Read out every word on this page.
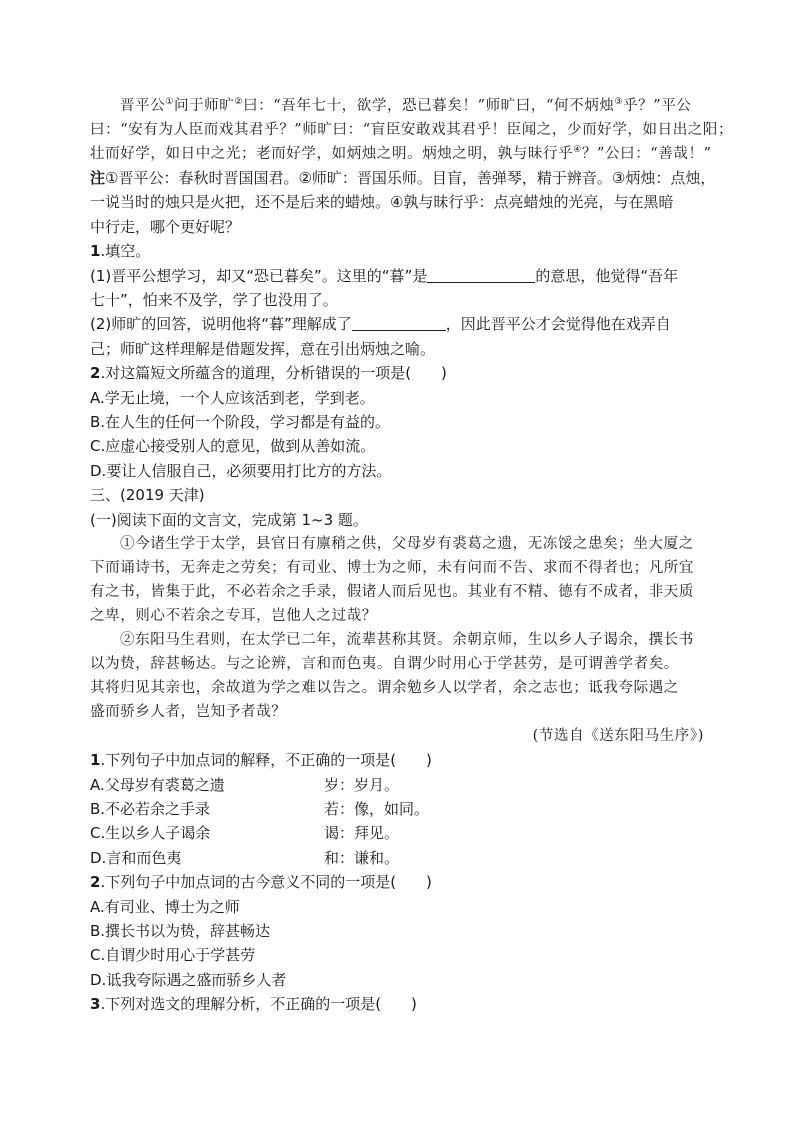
晋平公①问于师旷②曰：“吾年七十，欲学，恐已暮矣！”师旷曰，“何不炳烛③乎？”平公
曰：“安有为人臣而戏其君乎？”师旷曰：“盲臣安敢戏其君乎！臣闻之，少而好学，如日出之阳；
壮而好学，如日中之光；老而好学，如炳烛之明。炳烛之明，孰与昧行乎④？”公曰：“善哉！”
注①晋平公：春秋时晋国国君。②师旷：晋国乐师。目盲，善弹琴，精于辨音。③炳烛：点烛，
一说当时的烛只是火把，还不是后来的蜡烛。④孰与昧行乎：点亮蜡烛的光亮，与在黑暗
中行走，哪个更好呢？
1.填空。
(1)晋平公想学习，却又“恐已暮矣”。这里的“暮”是	的意思，他觉得“吾年
七十”，怕来不及学，学了也没用了。
(2)师旷的回答，说明他将“暮”理解成了	，因此晋平公才会觉得他在戏弄自
己；师旷这样理解是借题发挥，意在引出炳烛之喻。
2.对这篇短文所蕴含的道理，分析错误的一项是(　　)
A.学无止境，一个人应该活到老，学到老。
B.在人生的任何一个阶段，学习都是有益的。
C.应虚心接受别人的意见，做到从善如流。
D.要让人信服自己，必须要用打比方的方法。
三、(2019 天津)
(一)阅读下面的文言文，完成第 1~3 题。
①今诸生学于太学，县官日有廪稍之供，父母岁有裘葛之遗，无冻馁之患矣；坐大厦之
下而诵诗书，无奔走之劳矣；有司业、博士为之师，未有问而不告、求而不得者也；凡所宜
有之书，皆集于此，不必若余之手录，假诸人而后见也。其业有不精、德有不成者，非天质
之卑，则心不若余之专耳，岂他人之过哉？
②东阳马生君则，在太学已二年，流辈甚称其贤。余朝京师，生以乡人子谒余，撰长书
以为贽，辞甚畅达。与之论辨，言和而色夷。自谓少时用心于学甚劳，是可谓善学者矣。
其将归见其亲也，余故道为学之难以告之。谓余勉乡人以学者，余之志也；诋我夸际遇之
盛而骄乡人者，岂知予者哉？
(节选自《送东阳马生序》)
1.下列句子中加点词的解释，不正确的一项是(　　)
A.父母岁有裘葛之遗	岁：岁月。
B.不必若余之手录	若：像，如同。
C.生以乡人子谒余	谒：拜见。
D.言和而色夷	和：谦和。
2.下列句子中加点词的古今意义不同的一项是(　　)
A.有司业、博士为之师
B.撰长书以为贽，辞甚畅达
C.自谓少时用心于学甚劳
D.诋我夸际遇之盛而骄乡人者
3.下列对选文的理解分析，不正确的一项是(　　)
